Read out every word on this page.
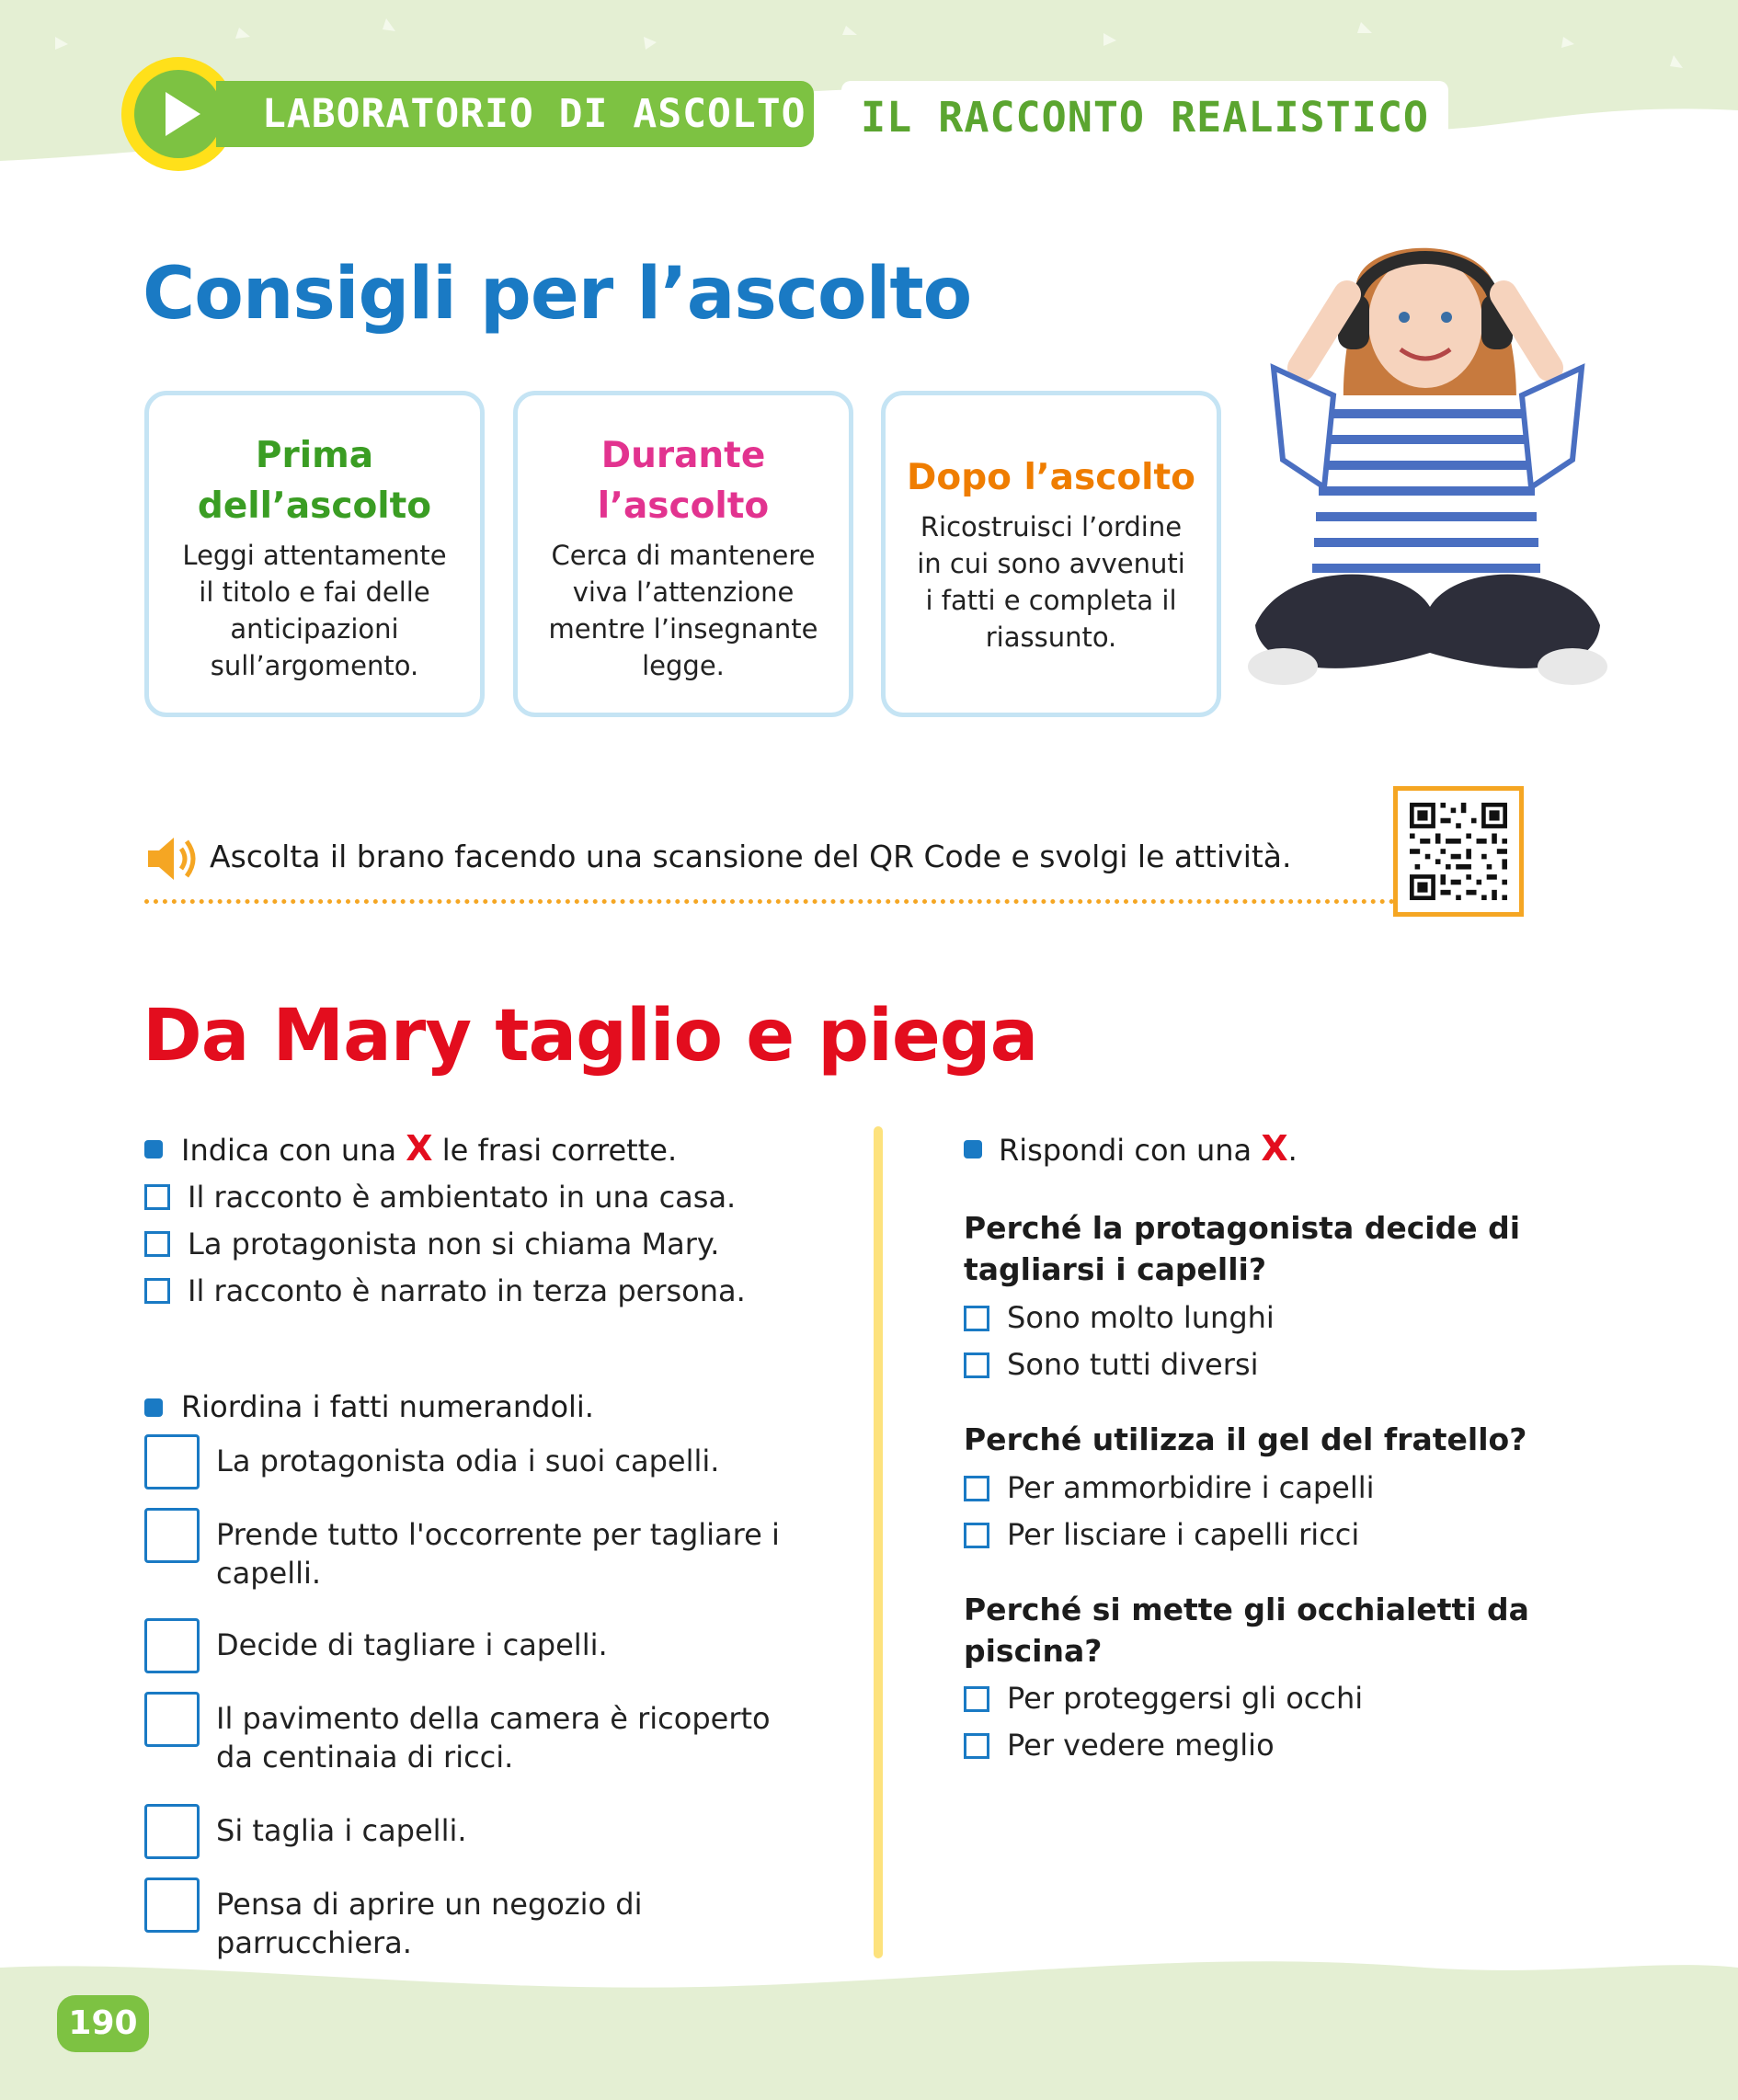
LABORATORIO DI ASCOLTO	IL RACCONTO REALISTICO
Consigli per l’ascolto
Prima
dell’ascolto
Leggi attentamente
il titolo e fai delle
anticipazioni
sull’argomento.
Durante
l’ascolto
Cerca di mantenere
viva l’attenzione
mentre l’insegnante
legge.
Dopo l’ascolto
Ricostruisci l’ordine
in cui sono avvenuti
i fatti e completa il
riassunto.
Ascolta il brano facendo una scansione del QR Code e svolgi le attività.
Da Mary taglio e piega
Indica con una X le frasi corrette.
Il racconto è ambientato in una casa.
La protagonista non si chiama Mary.
Il racconto è narrato in terza persona.
Riordina i fatti numerandoli.
La protagonista odia i suoi capelli.
Prende tutto l'occorrente per tagliare i
capelli.
Decide di tagliare i capelli.
Il pavimento della camera è ricoperto
da centinaia di ricci.
Si taglia i capelli.
Pensa di aprire un negozio di
parrucchiera.
Rispondi con una X.
Perché la protagonista decide di
tagliarsi i capelli?
Sono molto lunghi
Sono tutti diversi
Perché utilizza il gel del fratello?
Per ammorbidire i capelli
Per lisciare i capelli ricci
Perché si mette gli occhialetti da
piscina?
Per proteggersi gli occhi
Per vedere meglio
190
